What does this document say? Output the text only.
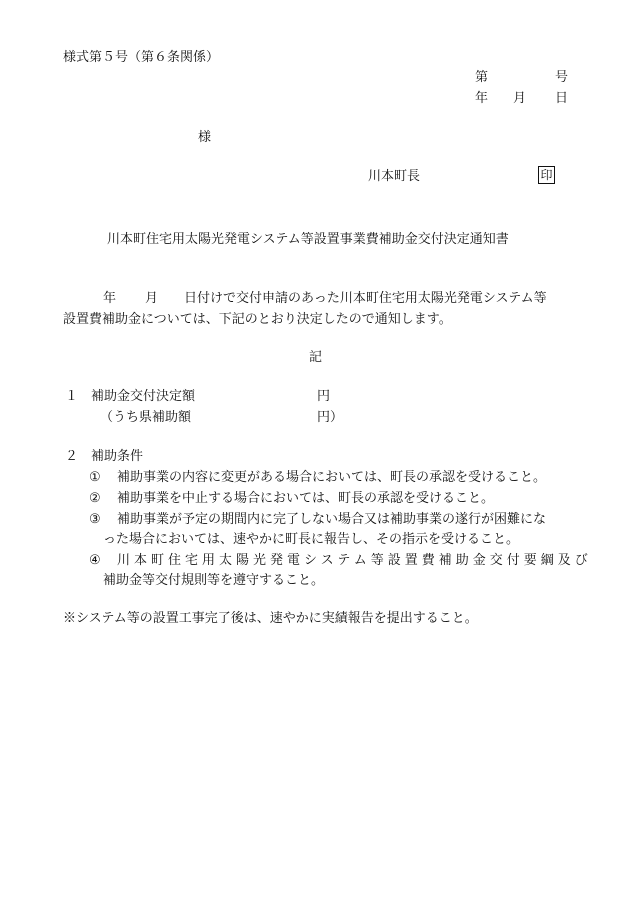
様式第５号（第６条関係）
第	号
年 月 日
様
川本町長	印
川本町住宅用太陽光発電システム等設置事業費補助金交付決定通知書
年 月 日付けで交付申請のあった川本町住宅用太陽光発電システム等
設置費補助金については、下記のとおり決定したので通知します。
記
１ 補助金交付決定額	円
（うち県補助額	円）
２ 補助条件
① 補助事業の内容に変更がある場合においては、町長の承認を受けること。
② 補助事業を中止する場合においては、町長の承認を受けること。
③ 補助事業が予定の期間内に完了しない場合又は補助事業の遂行が困難にな
った場合においては、速やかに町長に報告し、その指示を受けること。
④ 川本町住宅用太陽光発電システム等設置費補助金交付要綱及び
補助金等交付規則等を遵守すること。
※システム等の設置工事完了後は、速やかに実績報告を提出すること。
